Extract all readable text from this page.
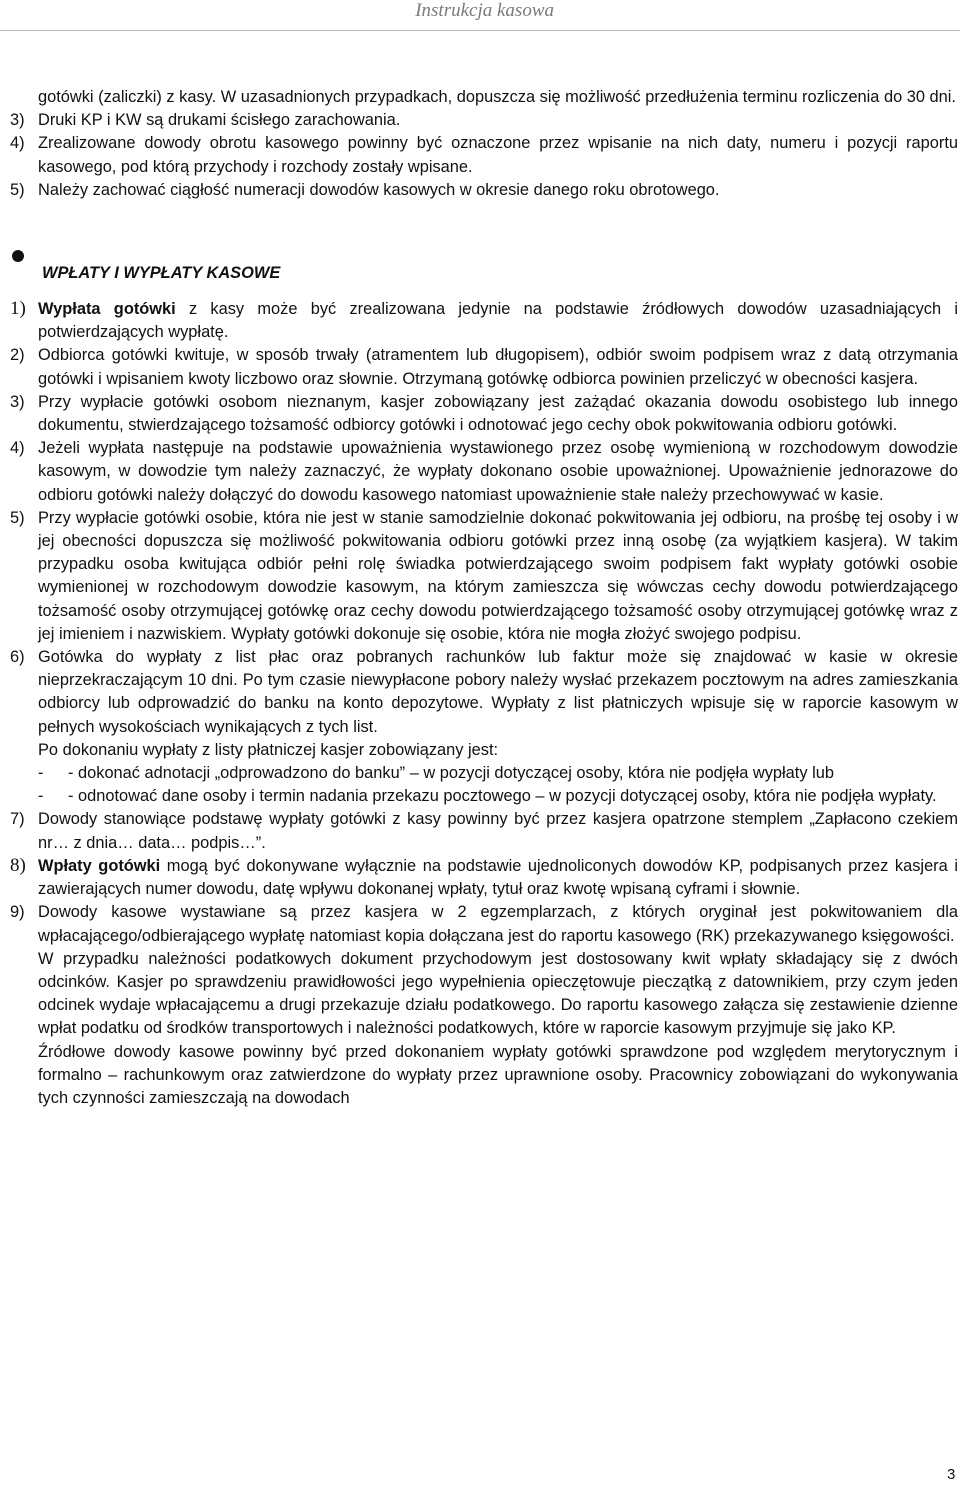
Instrukcja kasowa

gotówki (zaliczki) z kasy. W uzasadnionych przypadkach, dopuszcza się możliwość przedłużenia terminu rozliczenia do 30 dni.

3) Druki KP i KW są drukami ścisłego zarachowania.

4) Zrealizowane dowody obrotu kasowego powinny być oznaczone przez wpisanie na nich daty, numeru i pozycji raportu kasowego, pod którą przychody i rozchody zostały wpisane.

5) Należy zachować ciągłość numeracji dowodów kasowych w okresie danego roku obrotowego.

WPŁATY I WYPŁATY KASOWE

1) Wypłata gotówki z kasy może być zrealizowana jedynie na podstawie źródłowych dowodów uzasadniających i potwierdzających wypłatę.

2) Odbiorca gotówki kwituje, w sposób trwały (atramentem lub długopisem), odbiór swoim podpisem wraz z datą otrzymania gotówki i wpisaniem kwoty liczbowo oraz słownie. Otrzymaną gotówkę odbiorca powinien przeliczyć w obecności kasjera.

3) Przy wypłacie gotówki osobom nieznanym, kasjer zobowiązany jest zażądać okazania dowodu osobistego lub innego dokumentu, stwierdzającego tożsamość odbiorcy gotówki i odnotować jego cechy obok pokwitowania odbioru gotówki.

4) Jeżeli wypłata następuje na podstawie upoważnienia wystawionego przez osobę wymienioną w rozchodowym dowodzie kasowym, w dowodzie tym należy zaznaczyć, że wypłaty dokonano osobie upoważnionej. Upoważnienie jednorazowe do odbioru gotówki należy dołączyć do dowodu kasowego natomiast upoważnienie stałe należy przechowywać w kasie.

5) Przy wypłacie gotówki osobie, która nie jest w stanie samodzielnie dokonać pokwitowania jej odbioru, na prośbę tej osoby i w jej obecności dopuszcza się możliwość pokwitowania odbioru gotówki przez inną osobę (za wyjątkiem kasjera). W takim przypadku osoba kwitująca odbiór pełni rolę świadka potwierdzającego swoim podpisem fakt wypłaty gotówki osobie wymienionej w rozchodowym dowodzie kasowym, na którym zamieszcza się wówczas cechy dowodu potwierdzającego tożsamość osoby otrzymującej gotówkę oraz cechy dowodu potwierdzającego tożsamość osoby otrzymującej gotówkę wraz z jej imieniem i nazwiskiem. Wypłaty gotówki dokonuje się osobie, która nie mogła złożyć swojego podpisu.

6) Gotówka do wypłaty z list płac oraz pobranych rachunków lub faktur może się znajdować w kasie w okresie nieprzekraczającym 10 dni. Po tym czasie niewypłacone pobory należy wysłać przekazem pocztowym na adres zamieszkania odbiorcy lub odprowadzić do banku na konto depozytowe. Wypłaty z list płatniczych wpisuje się w raporcie kasowym w pełnych wysokościach wynikających z tych list.

Po dokonaniu wypłaty z listy płatniczej kasjer zobowiązany jest:

- - dokonać adnotacji „odprowadzono do banku” – w pozycji dotyczącej osoby, która nie podjęła wypłaty lub

- - odnotować dane osoby i termin nadania przekazu pocztowego – w pozycji dotyczącej osoby, która nie podjęła wypłaty.

7) Dowody stanowiące podstawę wypłaty gotówki z kasy powinny być przez kasjera opatrzone stemplem „Zapłacono czekiem nr… z dnia… data… podpis…”.

8) Wpłaty gotówki mogą być dokonywane wyłącznie na podstawie ujednoliconych dowodów KP, podpisanych przez kasjera i zawierających numer dowodu, datę wpływu dokonanej wpłaty, tytuł oraz kwotę wpisaną cyframi i słownie.

9) Dowody kasowe wystawiane są przez kasjera w 2 egzemplarzach, z których oryginał jest pokwitowaniem dla wpłacającego/odbierającego wypłatę natomiast kopia dołączana jest do raportu kasowego (RK) przekazywanego księgowości.

W przypadku należności podatkowych dokument przychodowym jest dostosowany kwit wpłaty składający się z dwóch odcinków. Kasjer po sprawdzeniu prawidłowości jego wypełnienia opieczętowuje pieczątką z datownikiem, przy czym jeden odcinek wydaje wpłacającemu a drugi przekazuje działu podatkowego. Do raportu kasowego załącza się zestawienie dzienne wpłat podatku od środków transportowych i należności podatkowych, które w raporcie kasowym przyjmuje się jako KP.

Źródłowe dowody kasowe powinny być przed dokonaniem wypłaty gotówki sprawdzone pod względem merytorycznym i formalno – rachunkowym oraz zatwierdzone do wypłaty przez uprawnione osoby. Pracownicy zobowiązani do wykonywania tych czynności zamieszczają na dowodach

3
